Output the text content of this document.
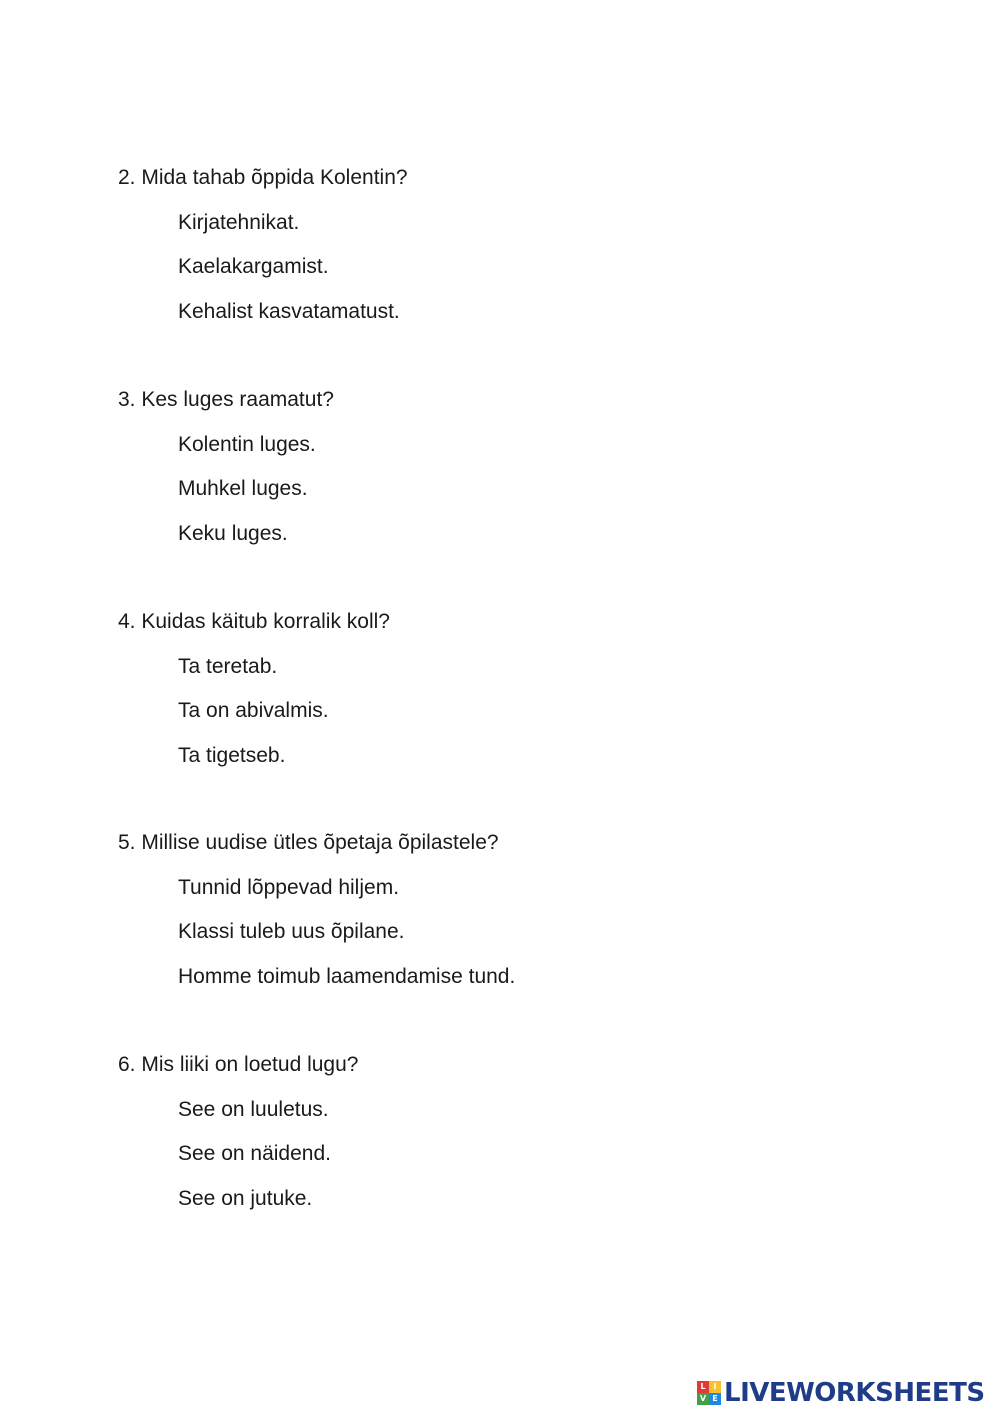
2. Mida tahab õppida Kolentin?
Kirjatehnikat.
Kaelakargamist.
Kehalist kasvatamatust.
3. Kes luges raamatut?
Kolentin luges.
Muhkel luges.
Keku luges.
4. Kuidas käitub korralik koll?
Ta teretab.
Ta on abivalmis.
Ta tigetseb.
5. Millise uudise ütles õpetaja õpilastele?
Tunnid lõppevad hiljem.
Klassi tuleb uus õpilane.
Homme toimub laamendamise tund.
6. Mis liiki on loetud lugu?
See on luuletus.
See on näidend.
See on jutuke.
L I
V E LIVEWORKSHEETS
